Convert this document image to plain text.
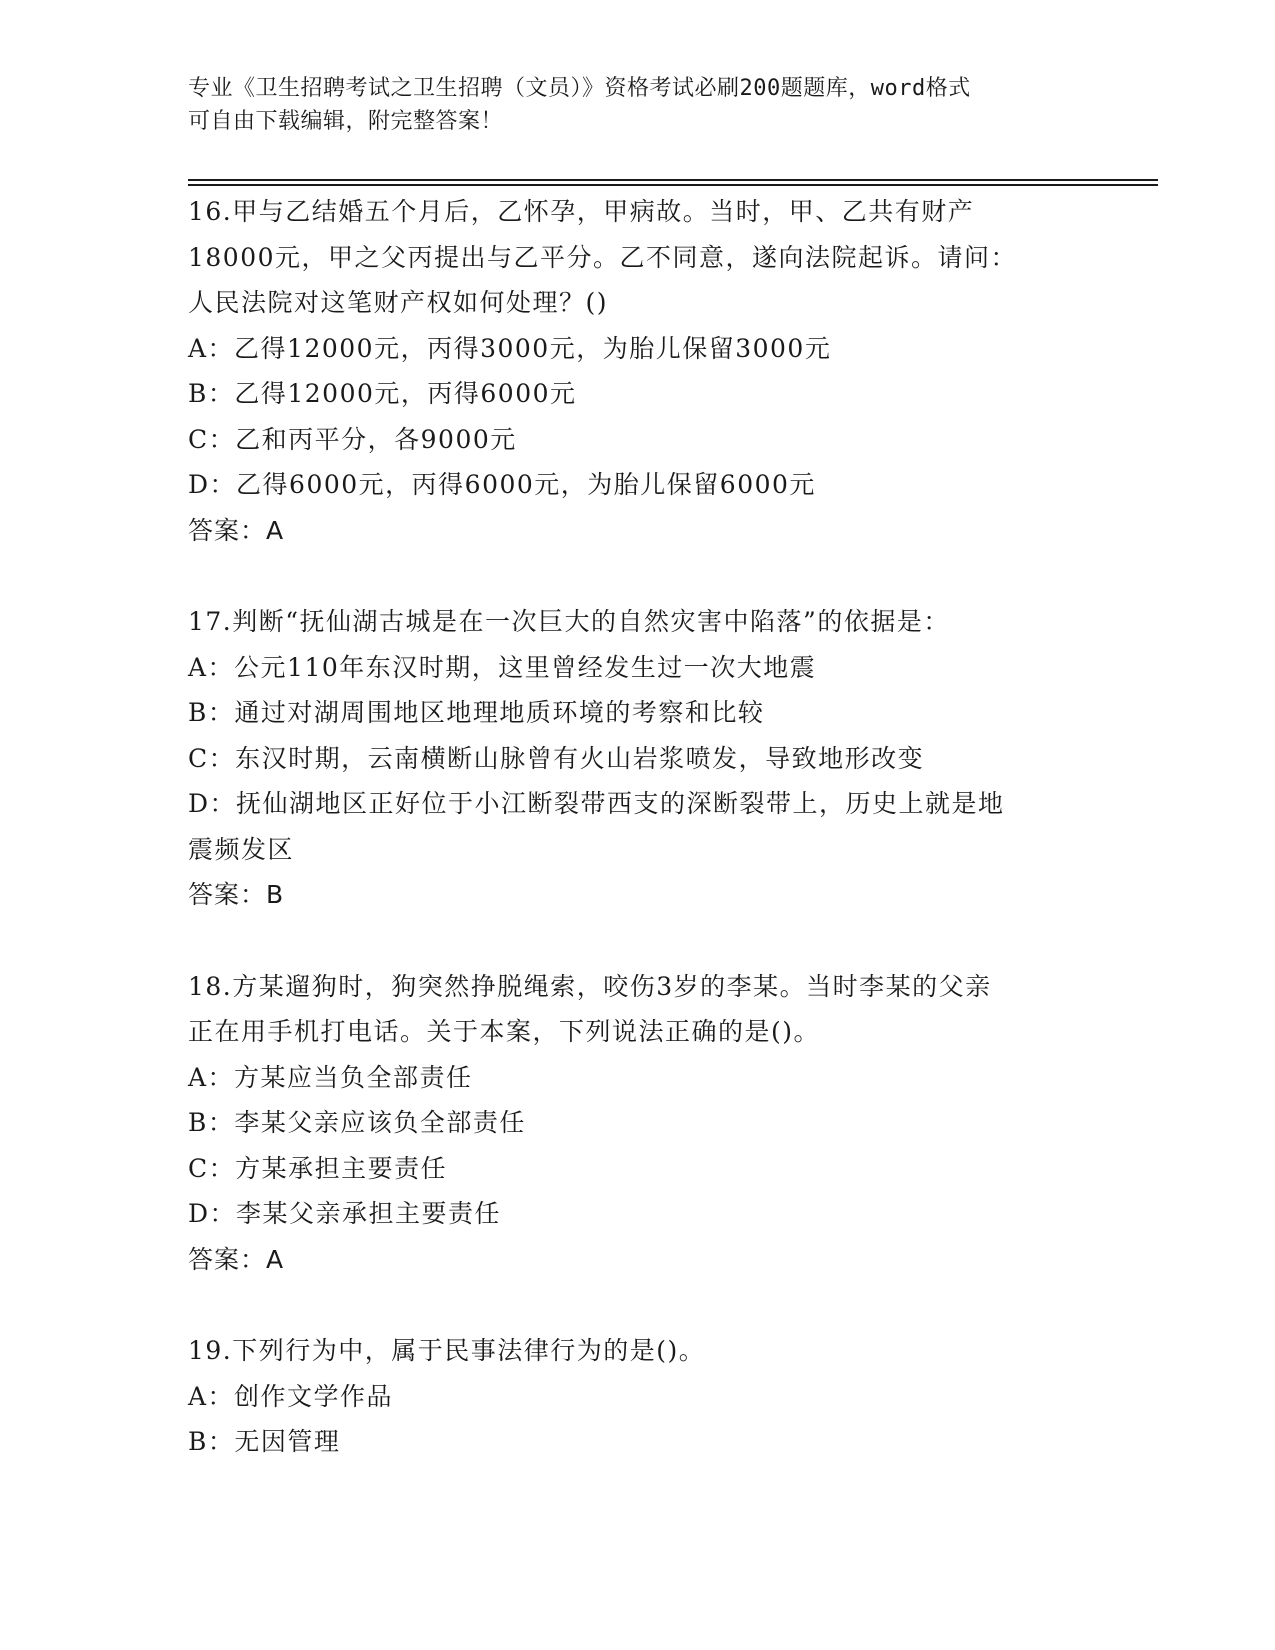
专业《卫生招聘考试之卫生招聘（文员）》资格考试必刷200题题库，word格式
可自由下载编辑，附完整答案！
16.甲与乙结婚五个月后，乙怀孕，甲病故。当时，甲、乙共有财产
18000元，甲之父丙提出与乙平分。乙不同意，遂向法院起诉。请问：
人民法院对这笔财产权如何处理？()
A：乙得12000元，丙得3000元，为胎儿保留3000元
B：乙得12000元，丙得6000元
C：乙和丙平分，各9000元
D：乙得6000元，丙得6000元，为胎儿保留6000元
答案：A
17.判断“抚仙湖古城是在一次巨大的自然灾害中陷落”的依据是：
A：公元110年东汉时期，这里曾经发生过一次大地震
B：通过对湖周围地区地理地质环境的考察和比较
C：东汉时期，云南横断山脉曾有火山岩浆喷发，导致地形改变
D：抚仙湖地区正好位于小江断裂带西支的深断裂带上，历史上就是地
震频发区
答案：B
18.方某遛狗时，狗突然挣脱绳索，咬伤3岁的李某。当时李某的父亲
正在用手机打电话。关于本案，下列说法正确的是()。
A：方某应当负全部责任
B：李某父亲应该负全部责任
C：方某承担主要责任
D：李某父亲承担主要责任
答案：A
19.下列行为中，属于民事法律行为的是()。
A：创作文学作品
B：无因管理
